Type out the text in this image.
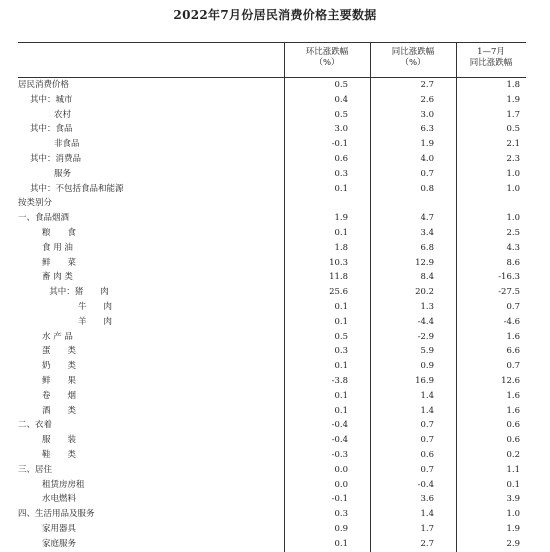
2022年7月份居民消费价格主要数据
环比涨跌幅
（%）
同比涨跌幅
（%）
1—7月
同比涨跌幅
居民消费价格	0.5	2.7	1.8
其中：城市	0.4	2.6	1.9
农村	0.5	3.0	1.7
其中：食品	3.0	6.3	0.5
非食品	-0.1	1.9	2.1
其中：消费品	0.6	4.0	2.3
服务	0.3	0.7	1.0
其中：不包括食品和能源	0.1	0.8	1.0
按类别分
一、食品烟酒	1.9	4.7	1.0
粮　　食	0.1	3.4	2.5
食 用 油	1.8	6.8	4.3
鲜　　菜	10.3	12.9	8.6
畜 肉 类	11.8	8.4	-16.3
其中：猪　　肉	25.6	20.2	-27.5
牛　　肉	0.1	1.3	0.7
羊　　肉	0.1	-4.4	-4.6
水 产 品	0.5	-2.9	1.6
蛋　　类	0.3	5.9	6.6
奶　　类	0.1	0.9	0.7
鲜　　果	-3.8	16.9	12.6
卷　　烟	0.1	1.4	1.6
酒　　类	0.1	1.4	1.6
二、衣着	-0.4	0.7	0.6
服　　装	-0.4	0.7	0.6
鞋　　类	-0.3	0.6	0.2
三、居住	0.0	0.7	1.1
租赁房房租	0.0	-0.4	0.1
水电燃料	-0.1	3.6	3.9
四、生活用品及服务	0.3	1.4	1.0
家用器具	0.9	1.7	1.9
家庭服务	0.1	2.7	2.9
